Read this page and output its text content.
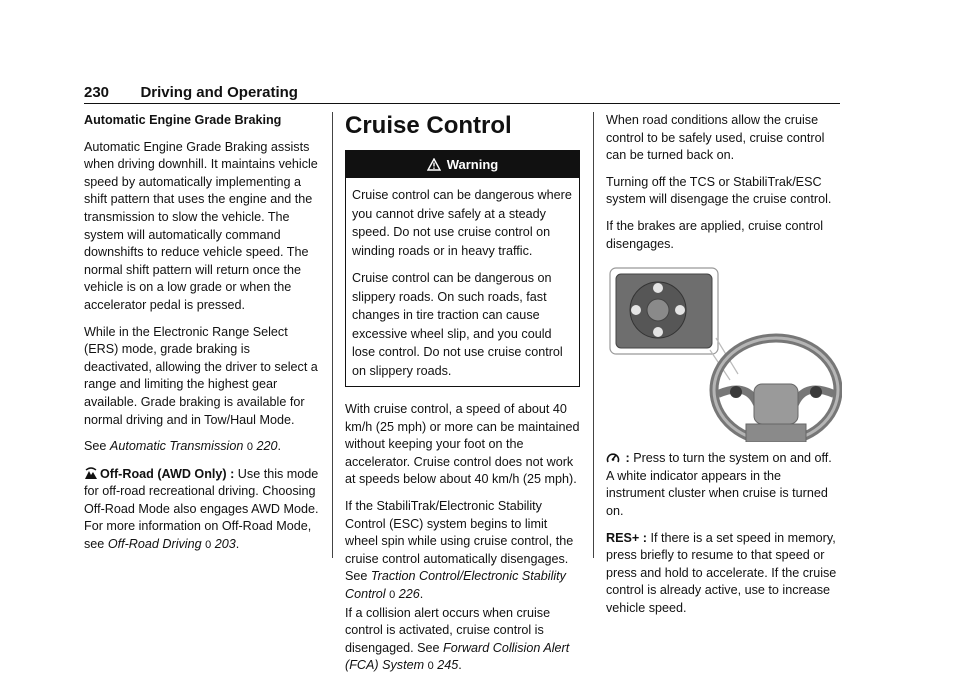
230 Driving and Operating

Automatic Engine Grade Braking

Automatic Engine Grade Braking assists when driving downhill. It maintains vehicle speed by automatically implementing a shift pattern that uses the engine and the transmission to slow the vehicle. The system will automatically command downshifts to reduce vehicle speed. The normal shift pattern will return once the vehicle is on a low grade or when the accelerator pedal is pressed.

While in the Electronic Range Select (ERS) mode, grade braking is deactivated, allowing the driver to select a range and limiting the highest gear available. Grade braking is available for normal driving and in Tow/Haul Mode.

See Automatic Transmission 0 220.

Off-Road (AWD Only) : Use this mode for off-road recreational driving. Choosing Off-Road Mode also engages AWD Mode. For more information on Off-Road Mode, see Off-Road Driving 0 203.

Cruise Control
Warning

Cruise control can be dangerous where you cannot drive safely at a steady speed. Do not use cruise control on winding roads or in heavy traffic.

Cruise control can be dangerous on slippery roads. On such roads, fast changes in tire traction can cause excessive wheel slip, and you could lose control. Do not use cruise control on slippery roads.

With cruise control, a speed of about 40 km/h (25 mph) or more can be maintained without keeping your foot on the accelerator. Cruise control does not work at speeds below about 40 km/h (25 mph).

If the StabiliTrak/Electronic Stability Control (ESC) system begins to limit wheel spin while using cruise control, the cruise control automatically disengages. See Traction Control/Electronic Stability Control 0 226.

If a collision alert occurs when cruise control is activated, cruise control is disengaged. See Forward Collision Alert (FCA) System 0 245.

When road conditions allow the cruise control to be safely used, cruise control can be turned back on.

Turning off the TCS or StabiliTrak/ESC system will disengage the cruise control.

If the brakes are applied, cruise control disengages.

: Press to turn the system on and off. A white indicator appears in the instrument cluster when cruise is turned on.

RES+ : If there is a set speed in memory, press briefly to resume to that speed or press and hold to accelerate. If the cruise control is already active, use to increase vehicle speed.
